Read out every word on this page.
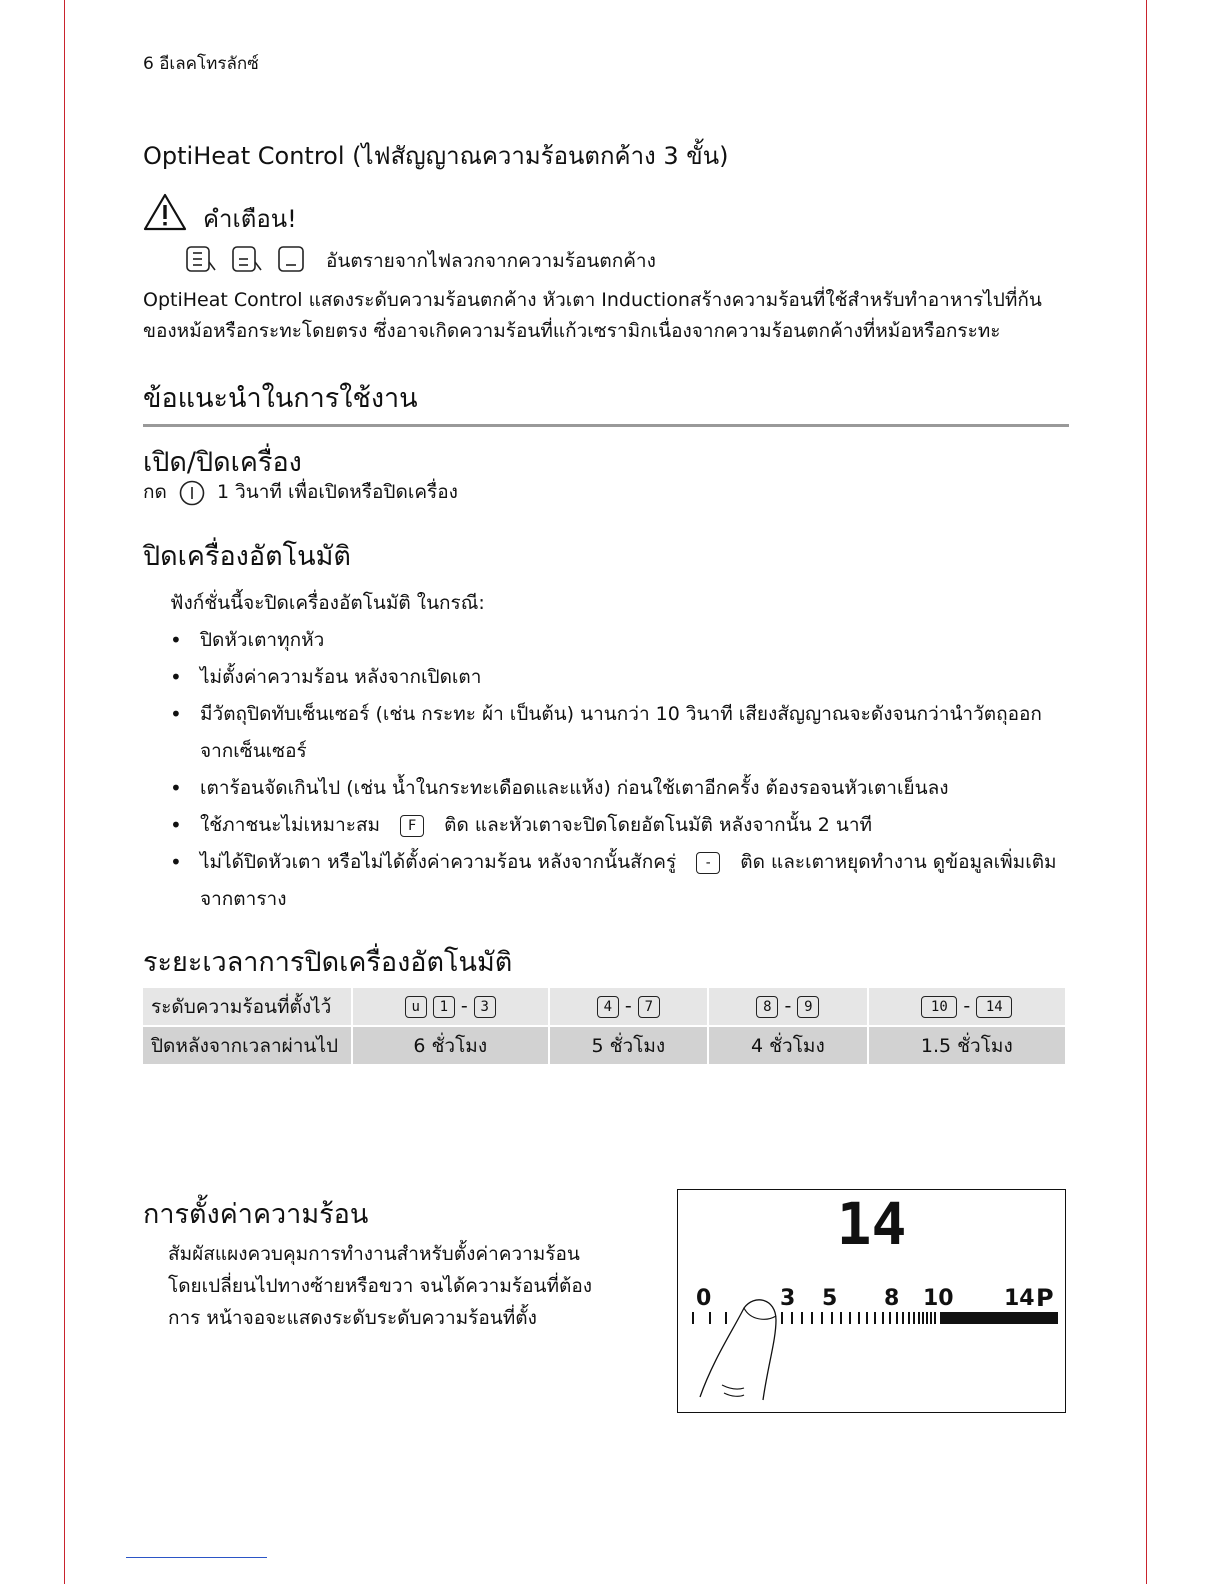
6 อีเลคโทรลักซ์
OptiHeat Control (ไฟสัญญาณความร้อนตกค้าง 3 ขั้น)
คำเตือน!
อันตรายจากไฟลวกจากความร้อนตกค้าง
OptiHeat Control แสดงระดับความร้อนตกค้าง หัวเตา Inductionสร้างความร้อนที่ใช้สำหรับทำอาหารไปที่ก้น
ของหม้อหรือกระทะโดยตรง ซึ่งอาจเกิดความร้อนที่แก้วเซรามิกเนื่องจากความร้อนตกค้างที่หม้อหรือกระทะ
ข้อแนะนำในการใช้งาน
เปิด/ปิดเครื่อง
กด	1 วินาที เพื่อเปิดหรือปิดเครื่อง
ปิดเครื่องอัตโนมัติ
ฟังก์ชั่นนี้จะปิดเครื่องอัตโนมัติ ในกรณี:
• ปิดหัวเตาทุกหัว
• ไม่ตั้งค่าความร้อน หลังจากเปิดเตา
• มีวัตถุปิดทับเซ็นเซอร์ (เช่น กระทะ ผ้า เป็นต้น) นานกว่า 10 วินาที เสียงสัญญาณจะดังจนกว่านำวัตถุออกจากเซ็นเซอร์
• เตาร้อนจัดเกินไป (เช่น น้ำในกระทะเดือดและแห้ง) ก่อนใช้เตาอีกครั้ง ต้องรอจนหัวเตาเย็นลง
• ใช้ภาชนะไม่เหมาะสม F ติด และหัวเตาจะปิดโดยอัตโนมัติ หลังจากนั้น 2 นาที
• ไม่ได้ปิดหัวเตา หรือไม่ได้ตั้งค่าความร้อน หลังจากนั้นสักครู่ - ติด และเตาหยุดทำงาน ดูข้อมูลเพิ่มเติมจากตาราง
ระยะเวลาการปิดเครื่องอัตโนมัติ
ระดับความร้อนที่ตั้งไว้	u 1 - 3	4 - 7	8 - 9	10 - 14
ปิดหลังจากเวลาผ่านไป	6 ชั่วโมง	5 ชั่วโมง	4 ชั่วโมง	1.5 ชั่วโมง
การตั้งค่าความร้อน
สัมผัสแผงควบคุมการทำงานสำหรับตั้งค่าความร้อน
โดยเปลี่ยนไปทางซ้ายหรือขวา จนได้ความร้อนที่ต้อง
การ หน้าจอจะแสดงระดับระดับความร้อนที่ตั้ง
14
0	3 5 8 10 14 P
